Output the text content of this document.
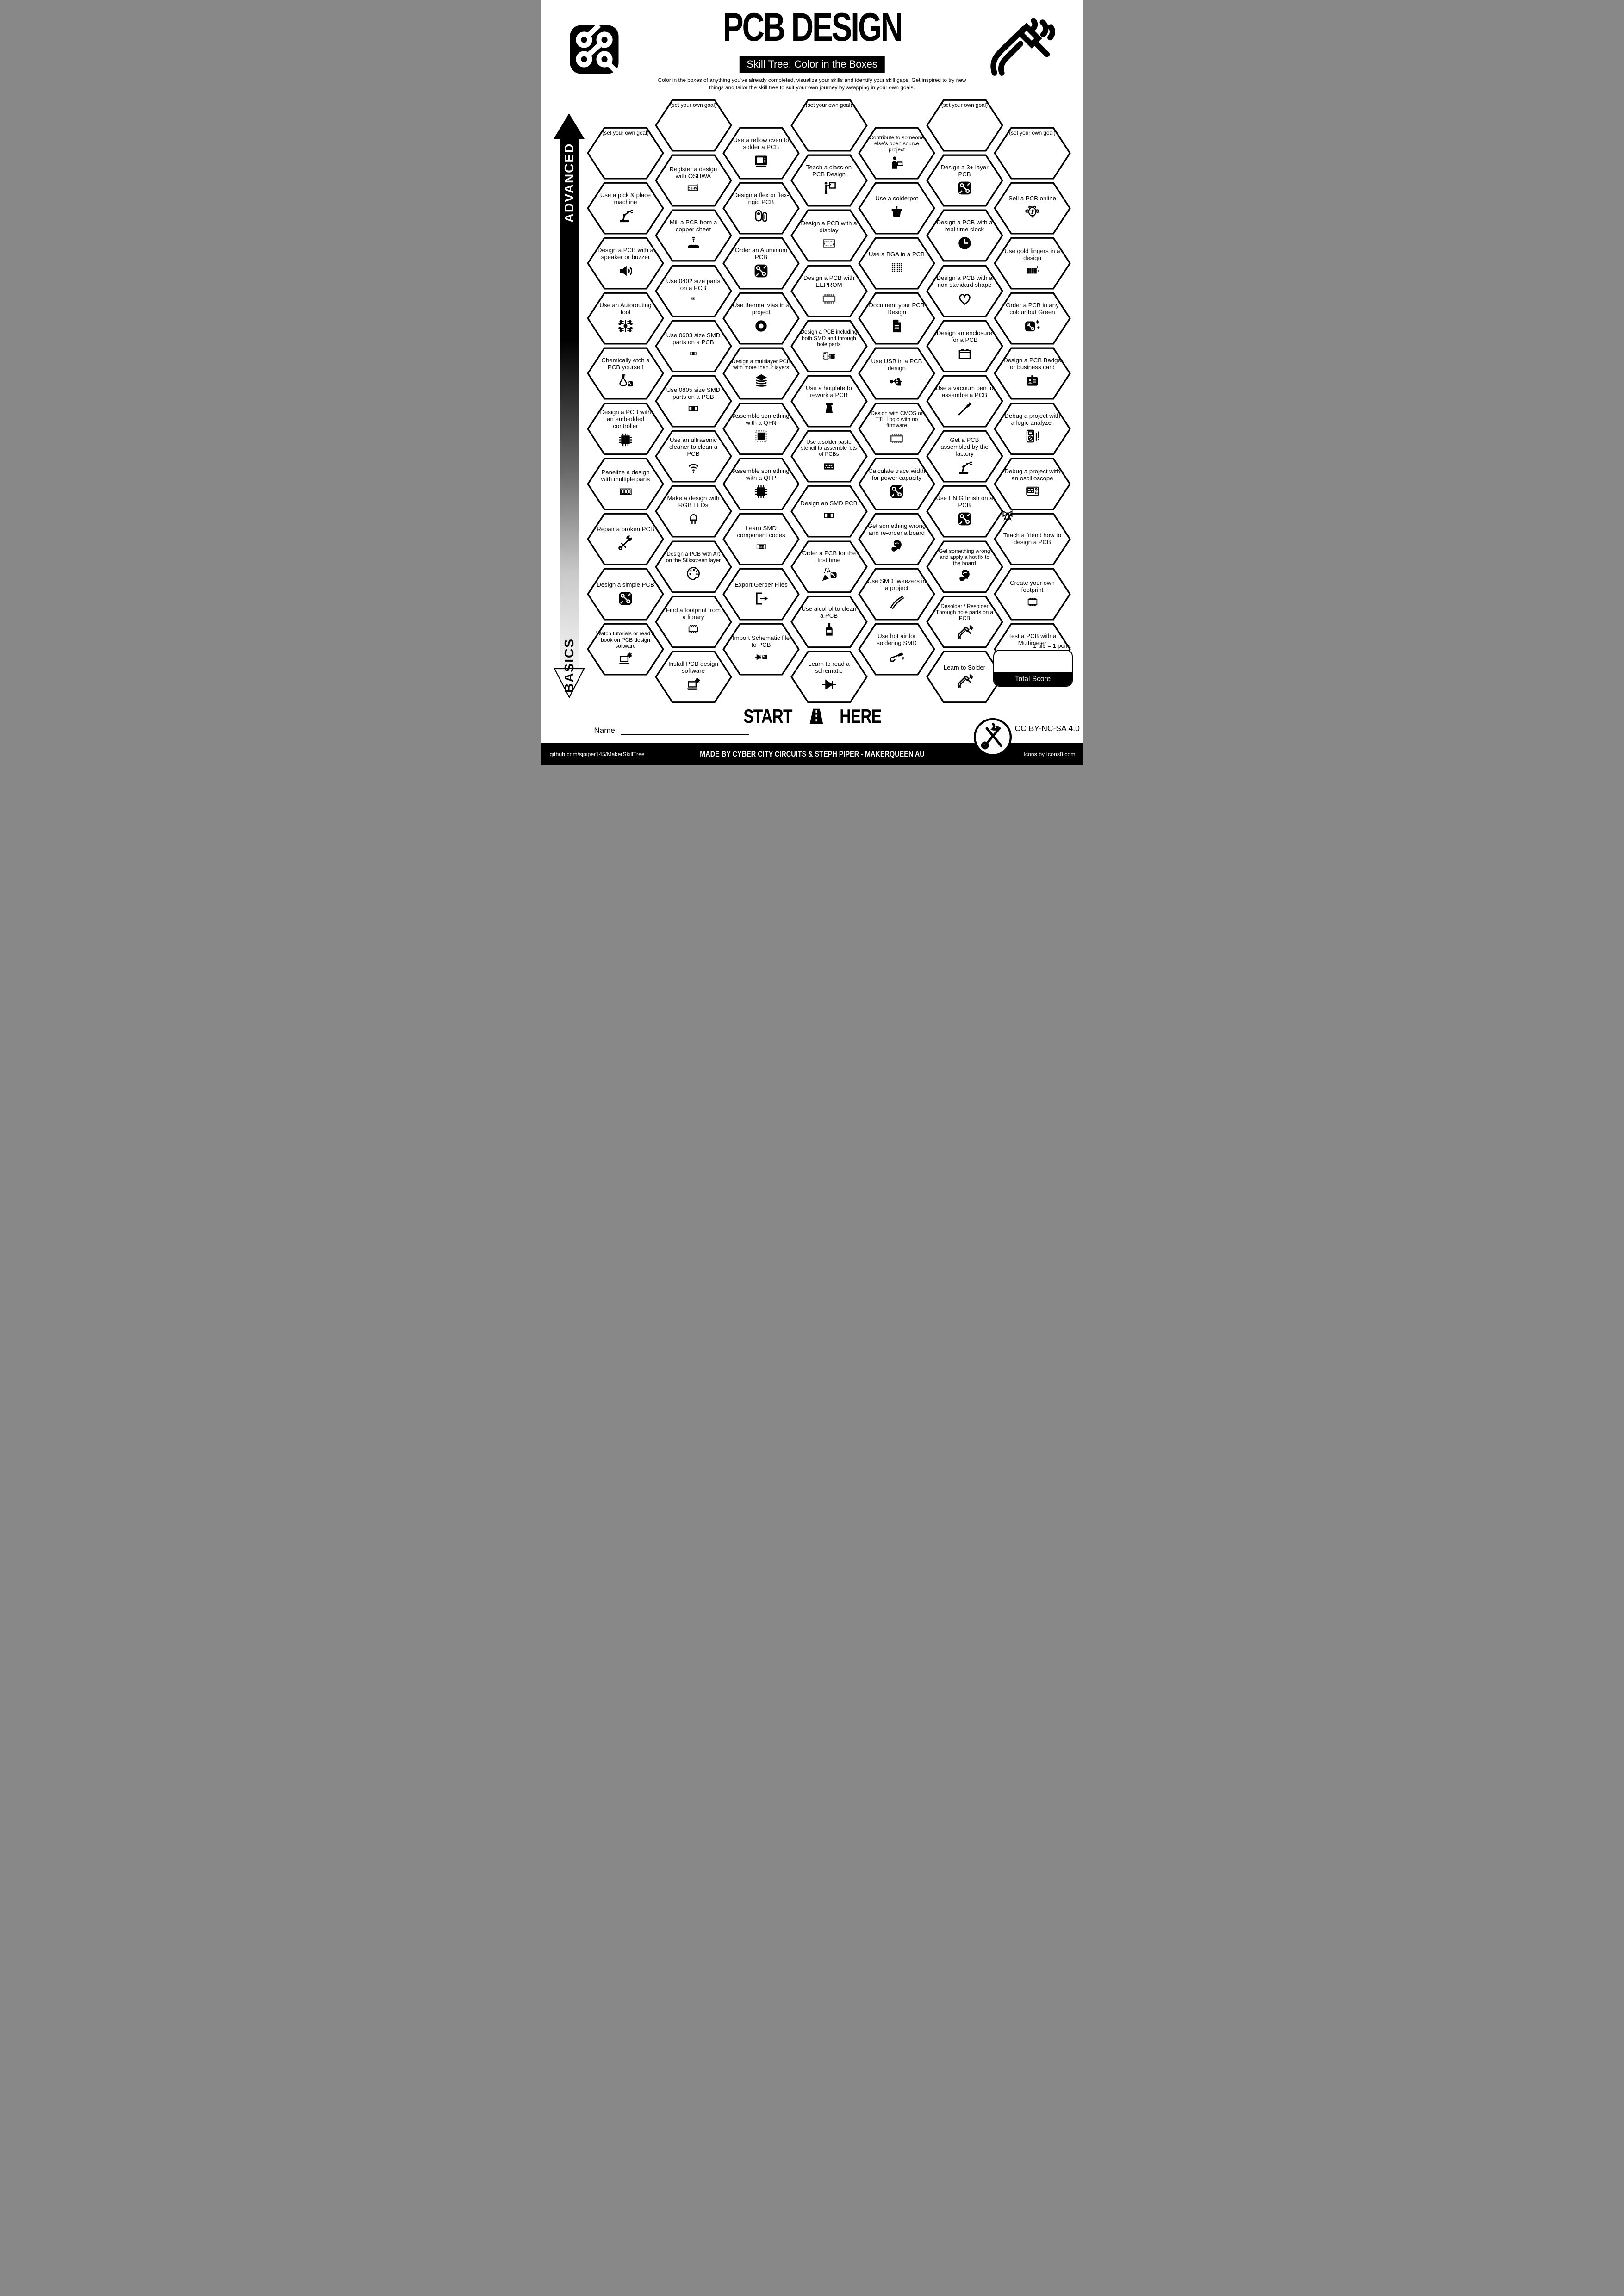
PCB DESIGN
Skill Tree: Color in the Boxes
Color in the boxes of anything you've already completed, visualize your skills and identify your skill gaps. Get inspired to try new things and tailor the skill tree to suit your own journey by swapping in your own goals.
ADVANCED
BASICS
(set your own goal)
Use a pick & place machine
Design a PCB with a speaker or buzzer
Use an Autorouting tool
Chemically etch a PCB yourself
Design a PCB with an embedded controller
Panelize a design with multiple parts
Repair a broken PCB
Design a simple PCB
Watch tutorials or read a book on PCB design software
(set your own goal)
Register a design with OSHWA
OSHW
Mill a PCB from a copper sheet
Use 0402 size parts on a PCB
Use 0603 size SMD parts on a PCB
Use 0805 size SMD parts on a PCB
Use an ultrasonic cleaner to clean a PCB
Make a design with RGB LEDs
Design a PCB with Art on the Silkscreen layer
Find a footprint from a library
Install PCB design software
Use a reflow oven to solder a PCB
Design a flex or flex-rigid PCB
Order an Aluminum PCB
Use thermal vias in a project
Design a multilayer PCB with more than 2 layers
Assemble something with a QFN
Assemble something with a QFP
Learn SMD component codes
331
Export Gerber Files
Import Schematic file to PCB
(set your own goal)
Teach a class on PCB Design
Design a PCB with a display
Design a PCB with EEPROM
Design a PCB including both SMD and through hole parts
Use a hotplate to rework a PCB
Use a solder paste stencil to assemble lots of PCBs
Design an SMD PCB
Order a PCB for the first time
Use alcohol to clean a PCB
Learn to read a schematic
Contribute to someone else's open source project
Use a solderpot
Use a BGA in a PCB
Document your PCB Design
Use USB in a PCB design
Design with CMOS or TTL Logic with no firmware
Calculate trace width for power capacity
Get something wrong and re-order a board
Use SMD tweezers in a project
Use hot air for soldering SMD
(set your own goal)
Design a 3+ layer PCB
Design a PCB with a real time clock
Design a PCB with a non standard shape
Design an enclosure for a PCB
Use a vacuum pen to assemble a PCB
Get a PCB assembled by the factory
Use ENIG finish on a PCB
Get something wrong and apply a hot fix to the board
Desolder / Resolder Through hole parts on a PCB
Learn to Solder
(set your own goal)
Sell a PCB online
Use gold fingers in a design
Order a PCB in any colour but Green
Design a PCB Badge or business card
Debug a project with a logic analyzer
Debug a project with an oscilloscope
Teach a friend how to design a PCB
Create your own footprint
Test a PCB with a Multimeter
START HERE
Name:
1 tile = 1 point
Total Score
CC BY-NC-SA 4.0
github.com/sjpiper145/MakerSkillTree	MADE BY CYBER CITY CIRCUITS & STEPH PIPER - MAKERQUEEN AU	Icons by Icons8.com
